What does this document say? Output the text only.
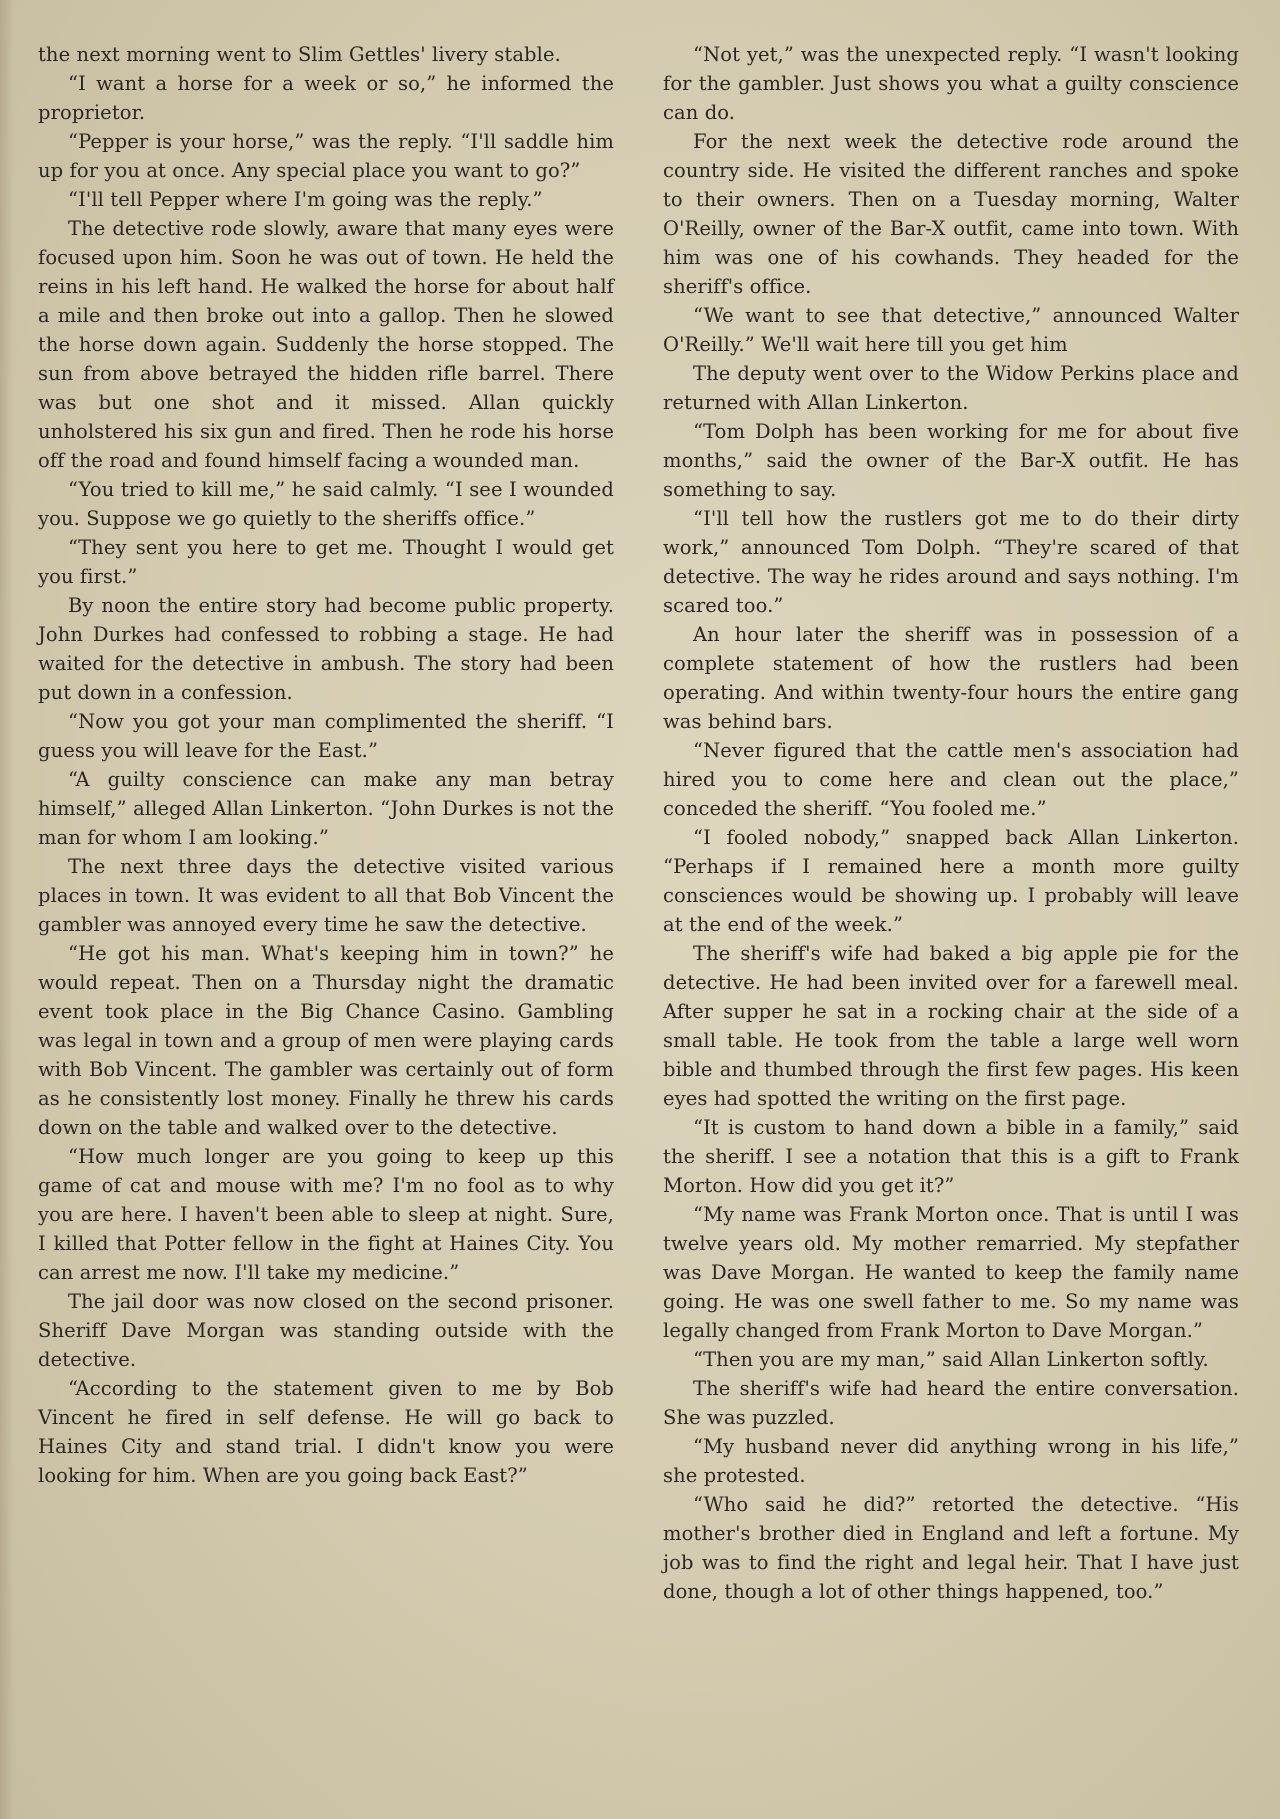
the next morning went to Slim Gettles' livery stable.

“I want a horse for a week or so,” he informed the proprietor.

“Pepper is your horse,” was the reply. “I'll saddle him up for you at once. Any special place you want to go?”

“I'll tell Pepper where I'm going was the reply.”

The detective rode slowly, aware that many eyes were focused upon him. Soon he was out of town. He held the reins in his left hand. He walked the horse for about half a mile and then broke out into a gallop. Then he slowed the horse down again. Suddenly the horse stopped. The sun from above betrayed the hidden rifle barrel. There was but one shot and it missed. Allan quickly unholstered his six gun and fired. Then he rode his horse off the road and found himself facing a wounded man.

“You tried to kill me,” he said calmly. “I see I wounded you. Suppose we go quietly to the sheriffs office.”

“They sent you here to get me. Thought I would get you first.”

By noon the entire story had become public property. John Durkes had confessed to robbing a stage. He had waited for the detective in ambush. The story had been put down in a confession.

“Now you got your man complimented the sheriff. “I guess you will leave for the East.”

“A guilty conscience can make any man betray himself,” alleged Allan Linkerton. “John Durkes is not the man for whom I am looking.”

The next three days the detective visited various places in town. It was evident to all that Bob Vincent the gambler was annoyed every time he saw the detective.

“He got his man. What's keeping him in town?” he would repeat. Then on a Thursday night the dramatic event took place in the Big Chance Casino. Gambling was legal in town and a group of men were playing cards with Bob Vincent. The gambler was certainly out of form as he consistently lost money. Finally he threw his cards down on the table and walked over to the detective.

“How much longer are you going to keep up this game of cat and mouse with me? I'm no fool as to why you are here. I haven't been able to sleep at night. Sure, I killed that Potter fellow in the fight at Haines City. You can arrest me now. I'll take my medicine.”

The jail door was now closed on the second prisoner. Sheriff Dave Morgan was standing outside with the detective.

“According to the statement given to me by Bob Vincent he fired in self defense. He will go back to Haines City and stand trial. I didn't know you were looking for him. When are you going back East?”

“Not yet,” was the unexpected reply. “I wasn't looking for the gambler. Just shows you what a guilty conscience can do.

For the next week the detective rode around the country side. He visited the different ranches and spoke to their owners. Then on a Tuesday morning, Walter O'Reilly, owner of the Bar-X outfit, came into town. With him was one of his cowhands. They headed for the sheriff's office.

“We want to see that detective,” announced Walter O'Reilly.” We'll wait here till you get him

The deputy went over to the Widow Perkins place and returned with Allan Linkerton.

“Tom Dolph has been working for me for about five months,” said the owner of the Bar-X outfit. He has something to say.

“I'll tell how the rustlers got me to do their dirty work,” announced Tom Dolph. “They're scared of that detective. The way he rides around and says nothing. I'm scared too.”

An hour later the sheriff was in possession of a complete statement of how the rustlers had been operating. And within twenty-four hours the entire gang was behind bars.

“Never figured that the cattle men's association had hired you to come here and clean out the place,” conceded the sheriff. “You fooled me.”

“I fooled nobody,” snapped back Allan Linkerton. “Perhaps if I remained here a month more guilty consciences would be showing up. I probably will leave at the end of the week.”

The sheriff's wife had baked a big apple pie for the detective. He had been invited over for a farewell meal. After supper he sat in a rocking chair at the side of a small table. He took from the table a large well worn bible and thumbed through the first few pages. His keen eyes had spotted the writing on the first page.

“It is custom to hand down a bible in a family,” said the sheriff. I see a notation that this is a gift to Frank Morton. How did you get it?”

“My name was Frank Morton once. That is until I was twelve years old. My mother remarried. My stepfather was Dave Morgan. He wanted to keep the family name going. He was one swell father to me. So my name was legally changed from Frank Morton to Dave Morgan.”

“Then you are my man,” said Allan Linkerton softly.

The sheriff's wife had heard the entire conversation. She was puzzled.

“My husband never did anything wrong in his life,” she protested.

“Who said he did?” retorted the detective. “His mother's brother died in England and left a fortune. My job was to find the right and legal heir. That I have just done, though a lot of other things happened, too.”
